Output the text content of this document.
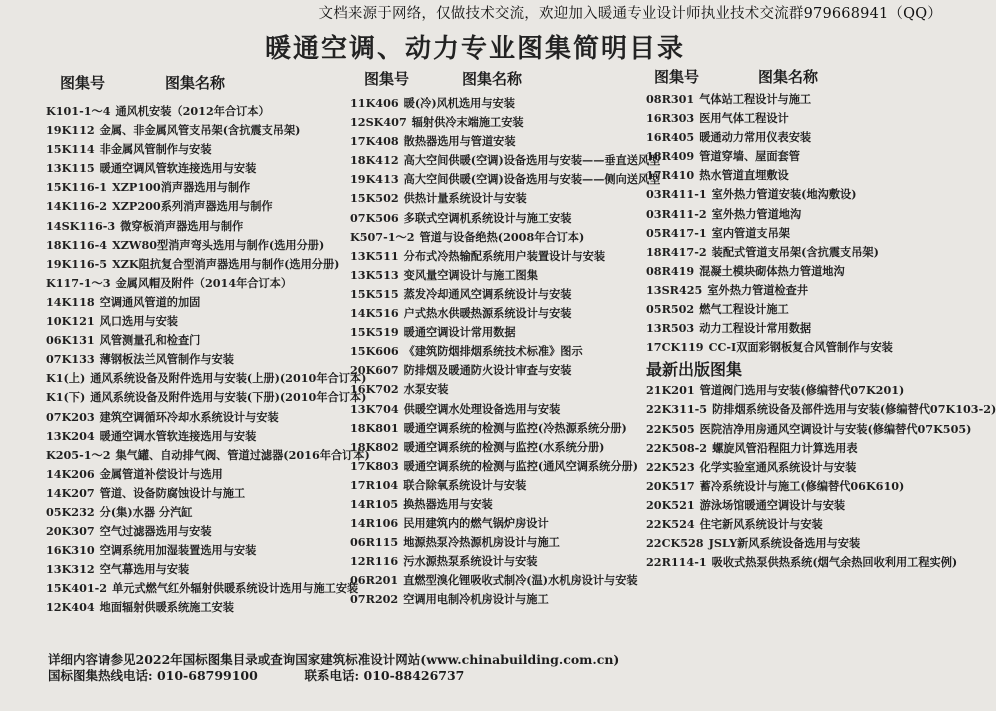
文档来源于网络，仅做技术交流，欢迎加入暖通专业设计师执业技术交流群979668941（QQ）
暖通空调、动力专业图集简明目录
图集号	图集名称
K101-1～4 通风机安装（2012年合订本）
19K112 金属、非金属风管支吊架(含抗震支吊架)
15K114 非金属风管制作与安装
13K115 暖通空调风管软连接选用与安装
15K116-1 XZP100消声器选用与制作
14K116-2 XZP200系列消声器选用与制作
14SK116-3 微穿板消声器选用与制作
18K116-4 XZW80型消声弯头选用与制作(选用分册)
19K116-5 XZK阻抗复合型消声器选用与制作(选用分册)
K117-1～3 金属风帽及附件（2014年合订本）
14K118 空调通风管道的加固
10K121 风口选用与安装
06K131 风管测量孔和检查门
07K133 薄钢板法兰风管制作与安装
K1(上) 通风系统设备及附件选用与安装(上册)(2010年合订本)
K1(下) 通风系统设备及附件选用与安装(下册)(2010年合订本)
07K203 建筑空调循环冷却水系统设计与安装
13K204 暖通空调水管软连接选用与安装
K205-1～2 集气罐、自动排气阀、管道过滤器(2016年合订本)
14K206 金属管道补偿设计与选用
14K207 管道、设备防腐蚀设计与施工
05K232 分(集)水器 分汽缸
20K307 空气过滤器选用与安装
16K310 空调系统用加湿装置选用与安装
13K312 空气幕选用与安装
15K401-2 单元式燃气红外辐射供暖系统设计选用与施工安装
12K404 地面辐射供暖系统施工安装
图集号	图集名称
11K406 暖(冷)风机选用与安装
12SK407 辐射供冷末端施工安装
17K408 散热器选用与管道安装
18K412 高大空间供暖(空调)设备选用与安装——垂直送风型
19K413 高大空间供暖(空调)设备选用与安装——侧向送风型
15K502 供热计量系统设计与安装
07K506 多联式空调机系统设计与施工安装
K507-1～2 管道与设备绝热(2008年合订本)
13K511 分布式冷热输配系统用户装置设计与安装
13K513 变风量空调设计与施工图集
15K515 蒸发冷却通风空调系统设计与安装
14K516 户式热水供暖热源系统设计与安装
15K519 暖通空调设计常用数据
15K606 《建筑防烟排烟系统技术标准》图示
20K607 防排烟及暖通防火设计审查与安装
16K702 水泵安装
13K704 供暖空调水处理设备选用与安装
18K801 暖通空调系统的检测与监控(冷热源系统分册)
18K802 暖通空调系统的检测与监控(水系统分册)
17K803 暖通空调系统的检测与监控(通风空调系统分册)
17R104 联合除氧系统设计与安装
14R105 换热器选用与安装
14R106 民用建筑内的燃气锅炉房设计
06R115 地源热泵冷热源机房设计与施工
12R116 污水源热泵系统设计与安装
06R201 直燃型溴化锂吸收式制冷(温)水机房设计与安装
07R202 空调用电制冷机房设计与施工
图集号	图集名称
08R301 气体站工程设计与施工
16R303 医用气体工程设计
16R405 暖通动力常用仪表安装
18R409 管道穿墙、屋面套管
17R410 热水管道直埋敷设
03R411-1 室外热力管道安装(地沟敷设)
03R411-2 室外热力管道地沟
05R417-1 室内管道支吊架
18R417-2 装配式管道支吊架(含抗震支吊架)
08R419 混凝土模块砌体热力管道地沟
13SR425 室外热力管道检查井
05R502 燃气工程设计施工
13R503 动力工程设计常用数据
17CK119 CC-I双面彩钢板复合风管制作与安装
最新出版图集
21K201 管道阀门选用与安装(修编替代07K201)
22K311-5 防排烟系统设备及部件选用与安装(修编替代07K103-2)
22K505 医院洁净用房通风空调设计与安装(修编替代07K505)
22K508-2 螺旋风管沿程阻力计算选用表
22K523 化学实验室通风系统设计与安装
20K517 蓄冷系统设计与施工(修编替代06K610)
20K521 游泳场馆暖通空调设计与安装
22K524 住宅新风系统设计与安装
22CK528 JSLY新风系统设备选用与安装
22R114-1 吸收式热泵供热系统(烟气余热回收利用工程实例)
详细内容请参见2022年国标图集目录或查询国家建筑标准设计网站(www.chinabuilding.com.cn)
国标图集热线电话: 010-68799100	联系电话: 010-88426737
